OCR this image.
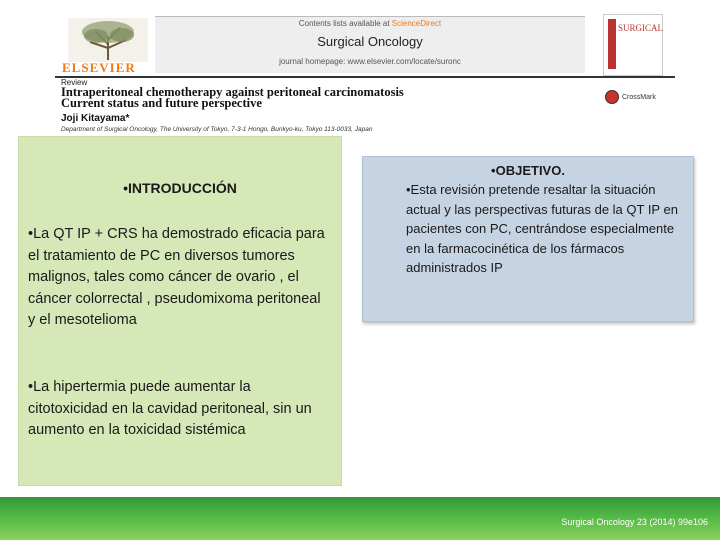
ELSEVIER
Contents lists available at ScienceDirect
Surgical Oncology
journal homepage: www.elsevier.com/locate/suronc
SURGICAL
Review
Intraperitoneal chemotherapy against peritoneal carcinomatosis
Current status and future perspective	CrossMark
Joji Kitayama*
Department of Surgical Oncology, The University of Tokyo, 7-3-1 Hongo, Bunkyo-ku, Tokyo 113-0033, Japan
•INTRODUCCIÓN
•La QT IP + CRS ha demostrado eficacia para el tratamiento de PC en diversos tumores malignos, tales como cáncer de ovario , el cáncer colorrectal , pseudomixoma peritoneal y el mesotelioma
•La hipertermia puede aumentar la citotoxicidad en la cavidad peritoneal, sin un aumento en la toxicidad sistémica
•OBJETIVO.
•Esta revisión pretende resaltar la situación actual y las perspectivas futuras de la QT IP en pacientes con PC, centrándose especialmente en la farmacocinética de los fármacos administrados IP
Surgical Oncology 23 (2014) 99e106
